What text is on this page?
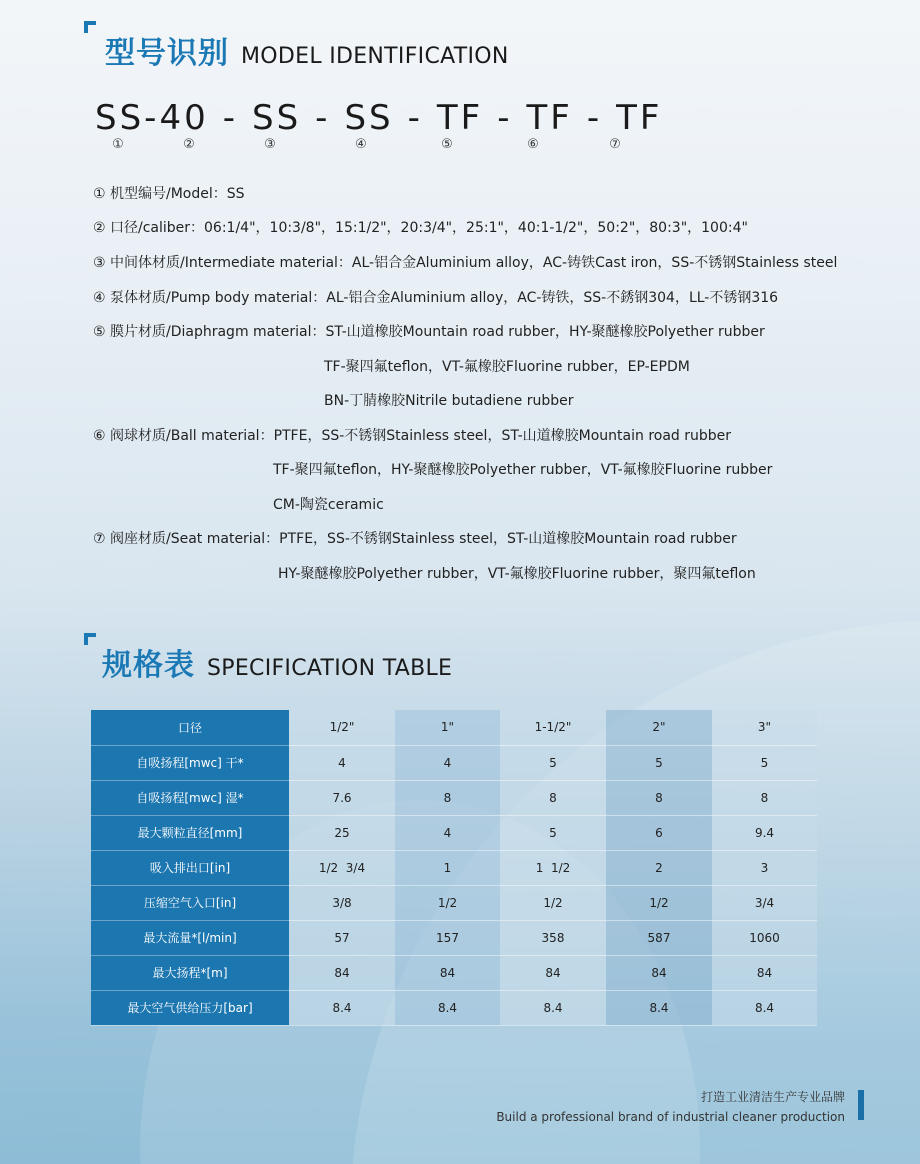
型号识别 MODEL IDENTIFICATION
SS - 40 - SS - SS - TF - TF - TF
①	②	③	④	⑤	⑥	⑦
① 机型编号/Model：SS
② 口径/caliber：06:1/4"，10:3/8"，15:1/2"，20:3/4"，25:1"，40:1-1/2"，50:2"，80:3"，100:4"
③ 中间体材质/Intermediate material：AL-铝合金Aluminium alloy，AC-铸铁Cast iron，SS-不锈钢Stainless steel
④ 泵体材质/Pump body material：AL-铝合金Aluminium alloy，AC-铸铁，SS-不銹钢304，LL-不锈钢316
⑤ 膜片材质/Diaphragm material：ST-山道橡胶Mountain road rubber，HY-聚醚橡胶Polyether rubber
TF-聚四氟teflon，VT-氟橡胶Fluorine rubber，EP-EPDM
BN-丁腈橡胶Nitrile butadiene rubber
⑥ 阀球材质/Ball material：PTFE，SS-不锈钢Stainless steel，ST-山道橡胶Mountain road rubber
TF-聚四氟teflon，HY-聚醚橡胶Polyether rubber，VT-氟橡胶Fluorine rubber
CM-陶瓷ceramic
⑦ 阀座材质/Seat material：PTFE，SS-不锈钢Stainless steel，ST-山道橡胶Mountain road rubber
HY-聚醚橡胶Polyether rubber，VT-氟橡胶Fluorine rubber，聚四氟teflon
规格表 SPECIFICATION TABLE
口径	1/2"	1"	1-1/2"	2"	3"
自吸扬程[mwc] 干*	4	4	5	5	5
自吸扬程[mwc] 湿*	7.6	8	8	8	8
最大颗粒直径[mm]	25	4	5	6	9.4
吸入排出口[in]	1/2  3/4	1	1  1/2	2	3
压缩空气入口[in]	3/8	1/2	1/2	1/2	3/4
最大流量*[l/min]	57	157	358	587	1060
最大扬程*[m]	84	84	84	84	84
最大空气供给压力[bar]	8.4	8.4	8.4	8.4	8.4
打造工业清洁生产专业品牌
Build a professional brand of industrial cleaner production
